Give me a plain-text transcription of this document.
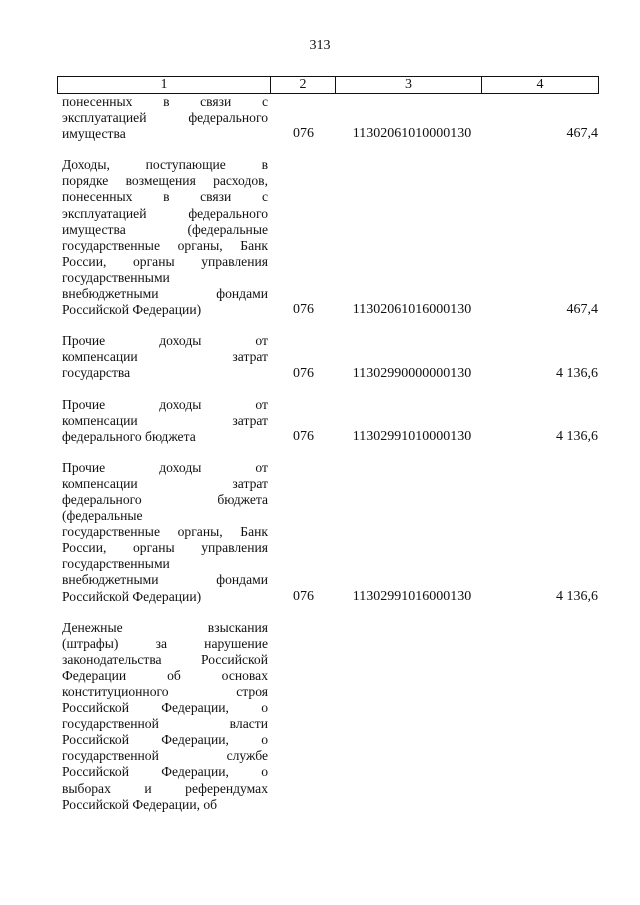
313
1	2	3	4
понесенных в связи с
эксплуатацией федерального
имущества	076	11302061010000130	467,4
Доходы, поступающие в
порядке возмещения расходов,
понесенных в связи с
эксплуатацией федерального
имущества (федеральные
государственные органы, Банк
России, органы управления
государственными
внебюджетными фондами
Российской Федерации)	076	11302061016000130	467,4
Прочие доходы от
компенсации затрат
государства	076	11302990000000130	4 136,6
Прочие доходы от
компенсации затрат
федерального бюджета	076	11302991010000130	4 136,6
Прочие доходы от
компенсации затрат
федерального бюджета
(федеральные
государственные органы, Банк
России, органы управления
государственными
внебюджетными фондами
Российской Федерации)	076	11302991016000130	4 136,6
Денежные взыскания
(штрафы) за нарушение
законодательства Российской
Федерации об основах
конституционного строя
Российской Федерации, о
государственной власти
Российской Федерации, о
государственной службе
Российской Федерации, о
выборах и референдумах
Российской Федерации, об
